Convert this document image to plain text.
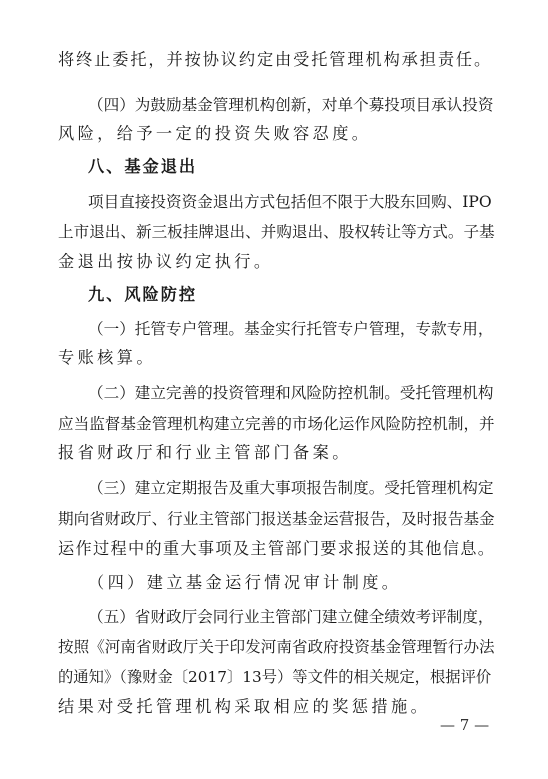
将终止委托，并按协议约定由受托管理机构承担责任。
（四）为鼓励基金管理机构创新，对单个募投项目承认投资
风险，给予一定的投资失败容忍度。
八、基金退出
项目直接投资资金退出方式包括但不限于大股东回购、IPO
上市退出、新三板挂牌退出、并购退出、股权转让等方式。子基
金退出按协议约定执行。
九、风险防控
（一）托管专户管理。基金实行托管专户管理，专款专用，
专账核算。
（二）建立完善的投资管理和风险防控机制。受托管理机构
应当监督基金管理机构建立完善的市场化运作风险防控机制，并
报省财政厅和行业主管部门备案。
（三）建立定期报告及重大事项报告制度。受托管理机构定
期向省财政厅、行业主管部门报送基金运营报告，及时报告基金
运作过程中的重大事项及主管部门要求报送的其他信息。
（四）建立基金运行情况审计制度。
（五）省财政厅会同行业主管部门建立健全绩效考评制度，
按照《河南省财政厅关于印发河南省政府投资基金管理暂行办法
的通知》（豫财金〔2017〕13号）等文件的相关规定，根据评价
结果对受托管理机构采取相应的奖惩措施。
— 7 —
